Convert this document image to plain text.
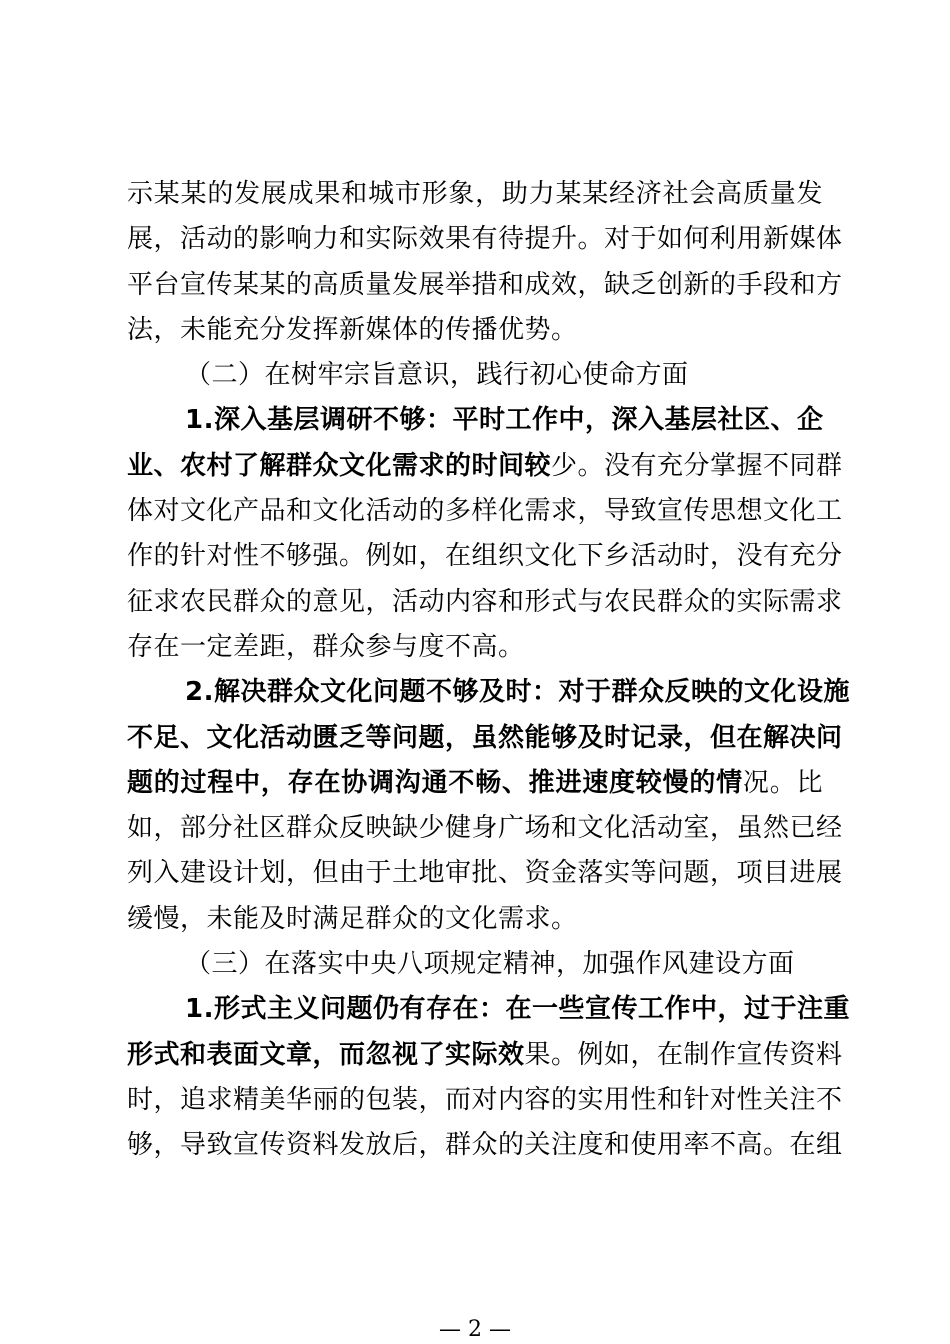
示某某的发展成果和城市形象，助力某某经济社会高质量发
展，活动的影响力和实际效果有待提升。对于如何利用新媒体
平台宣传某某的高质量发展举措和成效，缺乏创新的手段和方
法，未能充分发挥新媒体的传播优势。
（二）在树牢宗旨意识，践行初心使命方面
1.深入基层调研不够：平时工作中，深入基层社区、企
业、农村了解群众文化需求的时间较少。没有充分掌握不同群
体对文化产品和文化活动的多样化需求，导致宣传思想文化工
作的针对性不够强。例如，在组织文化下乡活动时，没有充分
征求农民群众的意见，活动内容和形式与农民群众的实际需求
存在一定差距，群众参与度不高。
2.解决群众文化问题不够及时：对于群众反映的文化设施
不足、文化活动匮乏等问题，虽然能够及时记录，但在解决问
题的过程中，存在协调沟通不畅、推进速度较慢的情况。比
如，部分社区群众反映缺少健身广场和文化活动室，虽然已经
列入建设计划，但由于土地审批、资金落实等问题，项目进展
缓慢，未能及时满足群众的文化需求。
（三）在落实中央八项规定精神，加强作风建设方面
1.形式主义问题仍有存在：在一些宣传工作中，过于注重
形式和表面文章，而忽视了实际效果。例如，在制作宣传资料
时，追求精美华丽的包装，而对内容的实用性和针对性关注不
够，导致宣传资料发放后，群众的关注度和使用率不高。在组
— 2 —
